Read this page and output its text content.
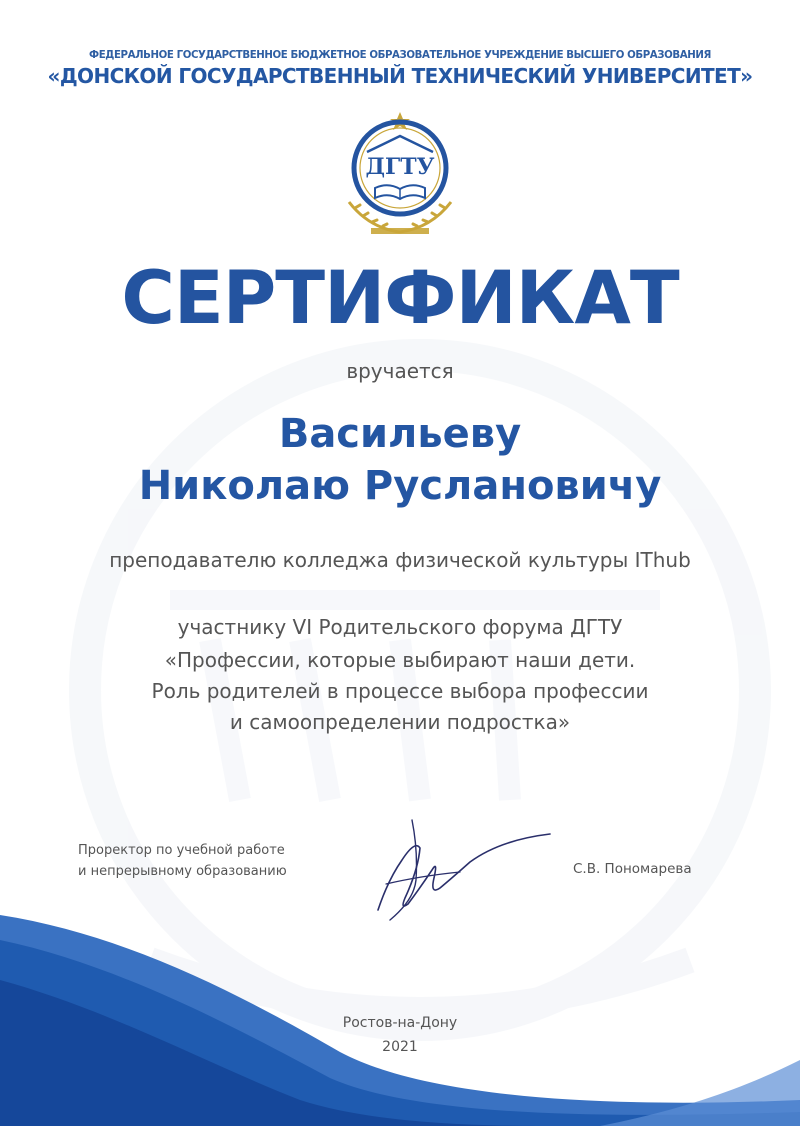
ФЕДЕРАЛЬНОЕ ГОСУДАРСТВЕННОЕ БЮДЖЕТНОЕ ОБРАЗОВАТЕЛЬНОЕ УЧРЕЖДЕНИЕ ВЫСШЕГО ОБРАЗОВАНИЯ
«ДОНСКОЙ ГОСУДАРСТВЕННЫЙ ТЕХНИЧЕСКИЙ УНИВЕРСИТЕТ»
ДГТУ
СЕРТИФИКАТ
вручается
Васильеву
Николаю Руслановичу
преподавателю колледжа физической культуры IThub
участнику VI Родительского форума ДГТУ
«Профессии, которые выбирают наши дети.
Роль родителей в процессе выбора профессии
и самоопределении подростка»
Проректор по учебной работе
и непрерывному образованию	С.В. Пономарева
Ростов-на-Дону
2021
